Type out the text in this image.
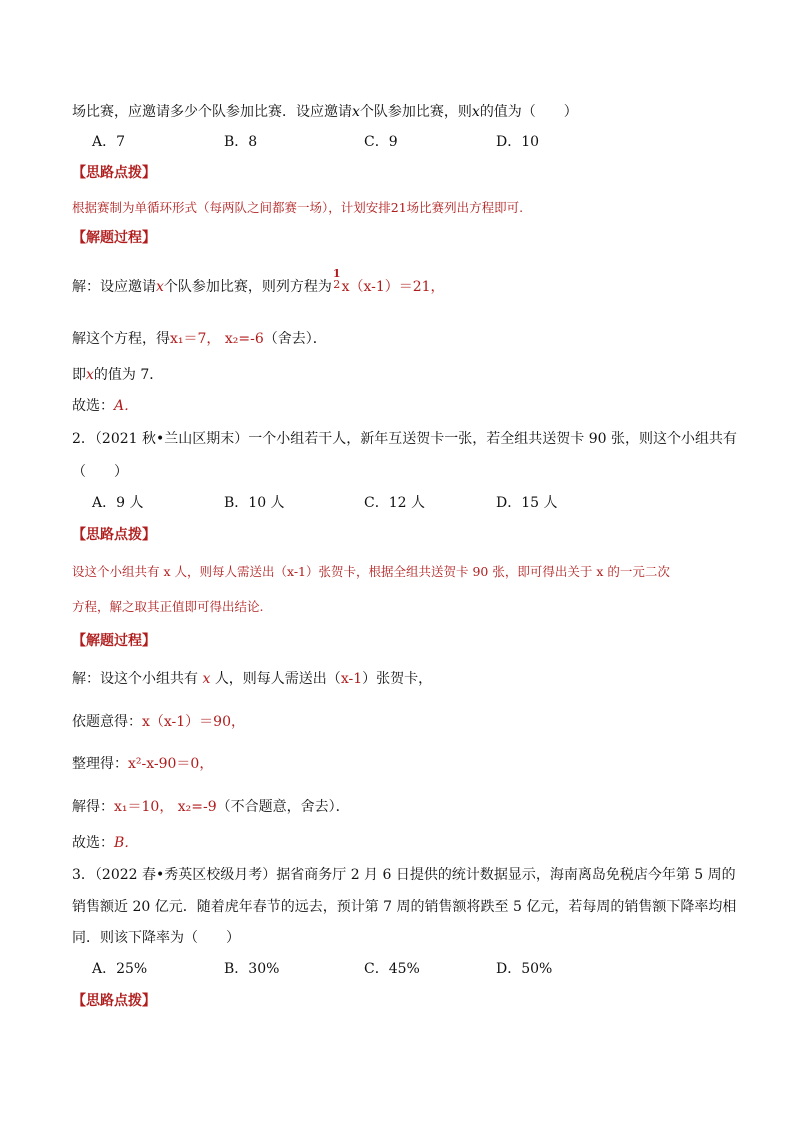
场比赛，应邀请多少个队参加比赛．设应邀请x个队参加比赛，则x的值为（　　）
A．7	B．8	C．9	D．10
【思路点拨】
根据赛制为单循环形式（每两队之间都赛一场），计划安排21场比赛列出方程即可.
【解题过程】
解：设应邀请x个队参加比赛，则列方程为
1
2 x（x-1）＝21，
解这个方程，得x₁＝7， x₂=-6（舍去）．
即x的值为 7．
故选：A．
2．（2021 秋•兰山区期末）一个小组若干人，新年互送贺卡一张，若全组共送贺卡 90 张，则这个小组共有
（　　）
A．9 人	B．10 人	C．12 人	D．15 人
【思路点拨】
设这个小组共有 x 人，则每人需送出（x-1）张贺卡，根据全组共送贺卡 90 张，即可得出关于 x 的一元二次
方程，解之取其正值即可得出结论.
【解题过程】
解：设这个小组共有 x 人，则每人需送出（x-1）张贺卡，
依题意得：x（x-1）＝90，
整理得：x²-x-90＝0，
解得：x₁＝10， x₂=-9（不合题意，舍去）．
故选：B．
3．（2022 春•秀英区校级月考）据省商务厅 2 月 6 日提供的统计数据显示，海南离岛免税店今年第 5 周的
销售额近 20 亿元．随着虎年春节的远去，预计第 7 周的销售额将跌至 5 亿元，若每周的销售额下降率均相
同．则该下降率为（　　）
A．25%	B．30%	C．45%	D．50%
【思路点拨】
